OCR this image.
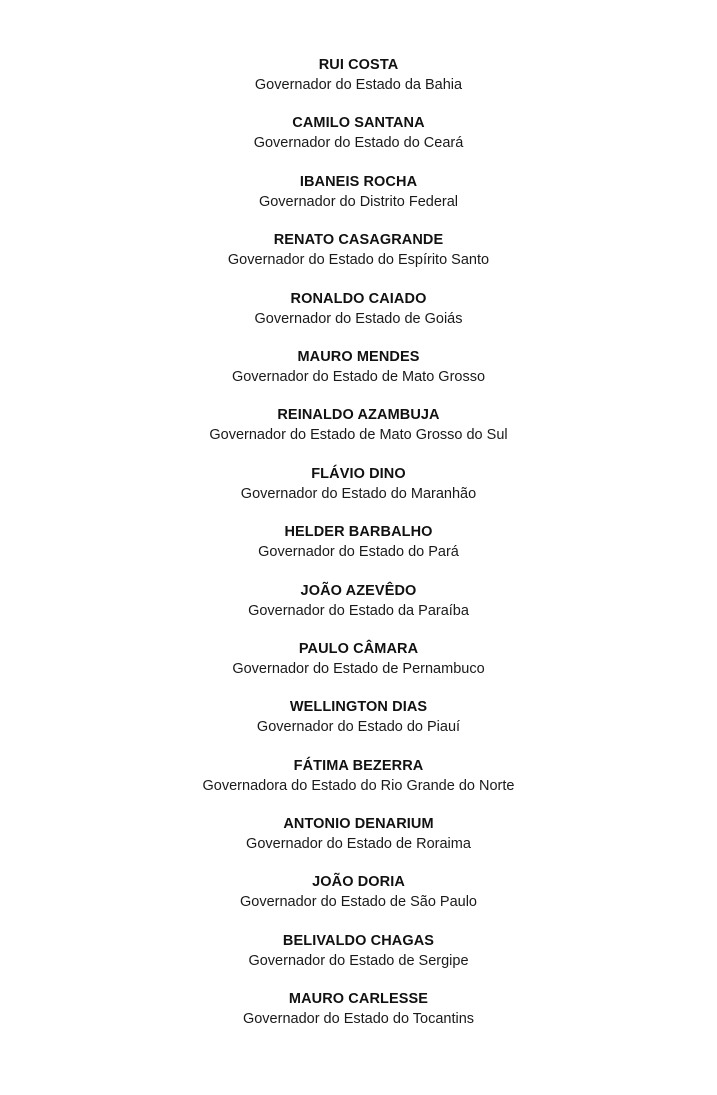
RUI COSTA
Governador do Estado da Bahia
CAMILO SANTANA
Governador do Estado do Ceará
IBANEIS ROCHA
Governador do Distrito Federal
RENATO CASAGRANDE
Governador do Estado do Espírito Santo
RONALDO CAIADO
Governador do Estado de Goiás
MAURO MENDES
Governador do Estado de Mato Grosso
REINALDO AZAMBUJA
Governador do Estado de Mato Grosso do Sul
FLÁVIO DINO
Governador do Estado do Maranhão
HELDER BARBALHO
Governador do Estado do Pará
JOÃO AZEVÊDO
Governador do Estado da Paraíba
PAULO CÂMARA
Governador do Estado de Pernambuco
WELLINGTON DIAS
Governador do Estado do Piauí
FÁTIMA BEZERRA
Governadora do Estado do Rio Grande do Norte
ANTONIO DENARIUM
Governador do Estado de Roraima
JOÃO DORIA
Governador do Estado de São Paulo
BELIVALDO CHAGAS
Governador do Estado de Sergipe
MAURO CARLESSE
Governador do Estado do Tocantins
